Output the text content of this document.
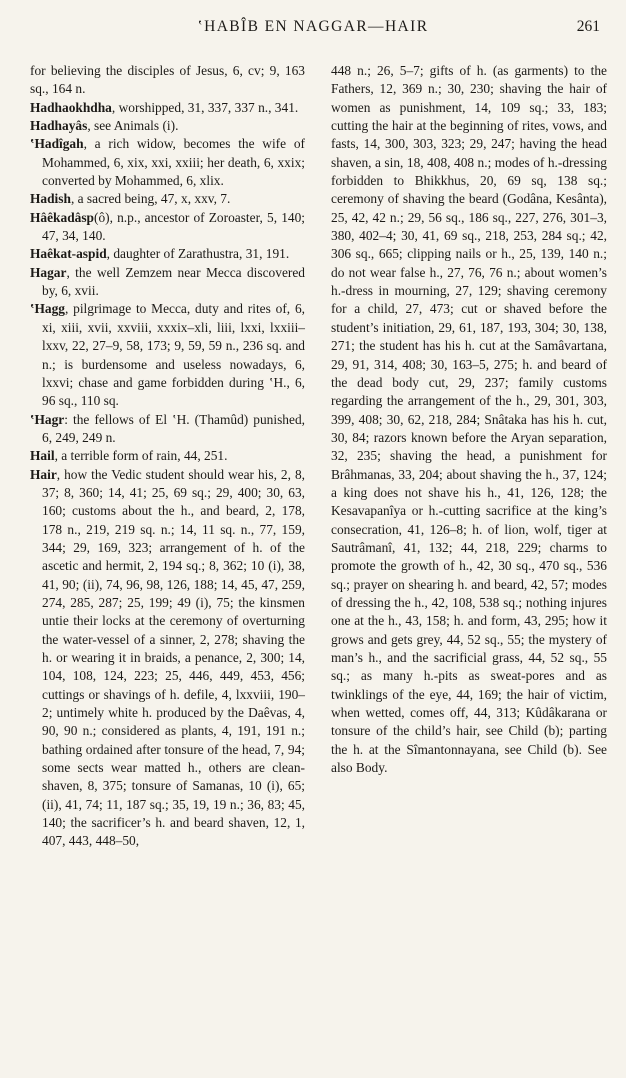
ʽHABÎB EN NAGGAR—HAIR	261

for believing the disciples of Jesus, 6, cv; 9, 163 sq., 164 n.

Hadhaokhdha, worshipped, 31, 337, 337 n., 341.

Hadhayâs, see Animals (i).

ʽHadîgah, a rich widow, becomes the wife of Mohammed, 6, xix, xxi, xxiii; her death, 6, xxix; converted by Mohammed, 6, xlix.

Hadish, a sacred being, 47, x, xxv, 7.

Hâêkadâsp(ô), n.p., ancestor of Zoroaster, 5, 140; 47, 34, 140.

Haêkat-aspid, daughter of Zarathustra, 31, 191.

Hagar, the well Zemzem near Mecca discovered by, 6, xvii.

ʽHagg, pilgrimage to Mecca, duty and rites of, 6, xi, xiii, xvii, xxviii, xxxix–xli, liii, lxxi, lxxiii–lxxv, 22, 27–9, 58, 173; 9, 59, 59 n., 236 sq. and n.; is burdensome and useless nowadays, 6, lxxvi; chase and game forbidden during ʽH., 6, 96 sq., 110 sq.

ʽHagr: the fellows of El ʽH. (Thamûd) punished, 6, 249, 249 n.

Hail, a terrible form of rain, 44, 251.

Hair, how the Vedic student should wear his, 2, 8, 37; 8, 360; 14, 41; 25, 69 sq.; 29, 400; 30, 63, 160; customs about the h., and beard, 2, 178, 178 n., 219, 219 sq. n.; 14, 11 sq. n., 77, 159, 344; 29, 169, 323; arrangement of h. of the ascetic and hermit, 2, 194 sq.; 8, 362; 10 (i), 38, 41, 90; (ii), 74, 96, 98, 126, 188; 14, 45, 47, 259, 274, 285, 287; 25, 199; 49 (i), 75; the kinsmen untie their locks at the ceremony of overturning the water-vessel of a sinner, 2, 278; shaving the h. or wearing it in braids, a penance, 2, 300; 14, 104, 108, 124, 223; 25, 446, 449, 453, 456; cuttings or shavings of h. defile, 4, lxxviii, 190–2; untimely white h. produced by the Daêvas, 4, 90, 90 n.; considered as plants, 4, 191, 191 n.; bathing ordained after tonsure of the head, 7, 94; some sects wear matted h., others are clean-shaven, 8, 375; tonsure of Samanas, 10 (i), 65; (ii), 41, 74; 11, 187 sq.; 35, 19, 19 n.; 36, 83; 45, 140; the sacrificer’s h. and beard shaven, 12, 1, 407, 443, 448–50,

448 n.; 26, 5–7; gifts of h. (as garments) to the Fathers, 12, 369 n.; 30, 230; shaving the hair of women as punishment, 14, 109 sq.; 33, 183; cutting the hair at the beginning of rites, vows, and fasts, 14, 300, 303, 323; 29, 247; having the head shaven, a sin, 18, 408, 408 n.; modes of h.-dressing forbidden to Bhikkhus, 20, 69 sq, 138 sq.; ceremony of shaving the beard (Godâna, Kesânta), 25, 42, 42 n.; 29, 56 sq., 186 sq., 227, 276, 301–3, 380, 402–4; 30, 41, 69 sq., 218, 253, 284 sq.; 42, 306 sq., 665; clipping nails or h., 25, 139, 140 n.; do not wear false h., 27, 76, 76 n.; about women’s h.-dress in mourning, 27, 129; shaving ceremony for a child, 27, 473; cut or shaved before the student’s initiation, 29, 61, 187, 193, 304; 30, 138, 271; the student has his h. cut at the Samâvartana, 29, 91, 314, 408; 30, 163–5, 275; h. and beard of the dead body cut, 29, 237; family customs regarding the arrangement of the h., 29, 301, 303, 399, 408; 30, 62, 218, 284; Snâtaka has his h. cut, 30, 84; razors known before the Aryan separation, 32, 235; shaving the head, a punishment for Brâhmanas, 33, 204; about shaving the h., 37, 124; a king does not shave his h., 41, 126, 128; the Kesavapanîya or h.-cutting sacrifice at the king’s consecration, 41, 126–8; h. of lion, wolf, tiger at Sautrâmanî, 41, 132; 44, 218, 229; charms to promote the growth of h., 42, 30 sq., 470 sq., 536 sq.; prayer on shearing h. and beard, 42, 57; modes of dressing the h., 42, 108, 538 sq.; nothing injures one at the h., 43, 158; h. and form, 43, 295; how it grows and gets grey, 44, 52 sq., 55; the mystery of man’s h., and the sacrificial grass, 44, 52 sq., 55 sq.; as many h.-pits as sweat-pores and as twinklings of the eye, 44, 169; the hair of victim, when wetted, comes off, 44, 313; Kûdâkarana or tonsure of the child’s hair, see Child (b); parting the h. at the Sîmantonnayana, see Child (b). See also Body.
